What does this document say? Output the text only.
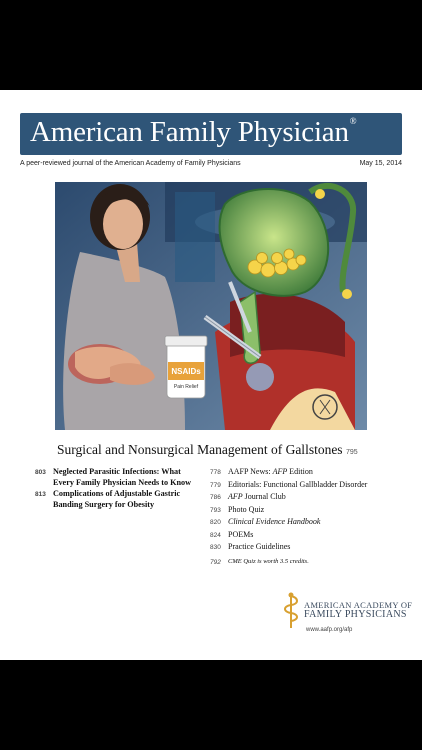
American Family Physician®
A peer-reviewed journal of the American Academy of Family Physicians	May 15, 2014
NSAIDs
Pain Relief
Surgical and Nonsurgical Management of Gallstones 795
803 Neglected Parasitic Infections: What Every Family Physician Needs to Know
813 Complications of Adjustable Gastric Banding Surgery for Obesity
778 AAFP News: AFP Edition
779 Editorials: Functional Gallbladder Disorder
786 AFP Journal Club
793 Photo Quiz
820 Clinical Evidence Handbook
824 POEMs
830 Practice Guidelines
792	CME Quiz is worth 3.5 credits.
AMERICAN ACADEMY OF
FAMILY PHYSICIANS
www.aafp.org/afp
